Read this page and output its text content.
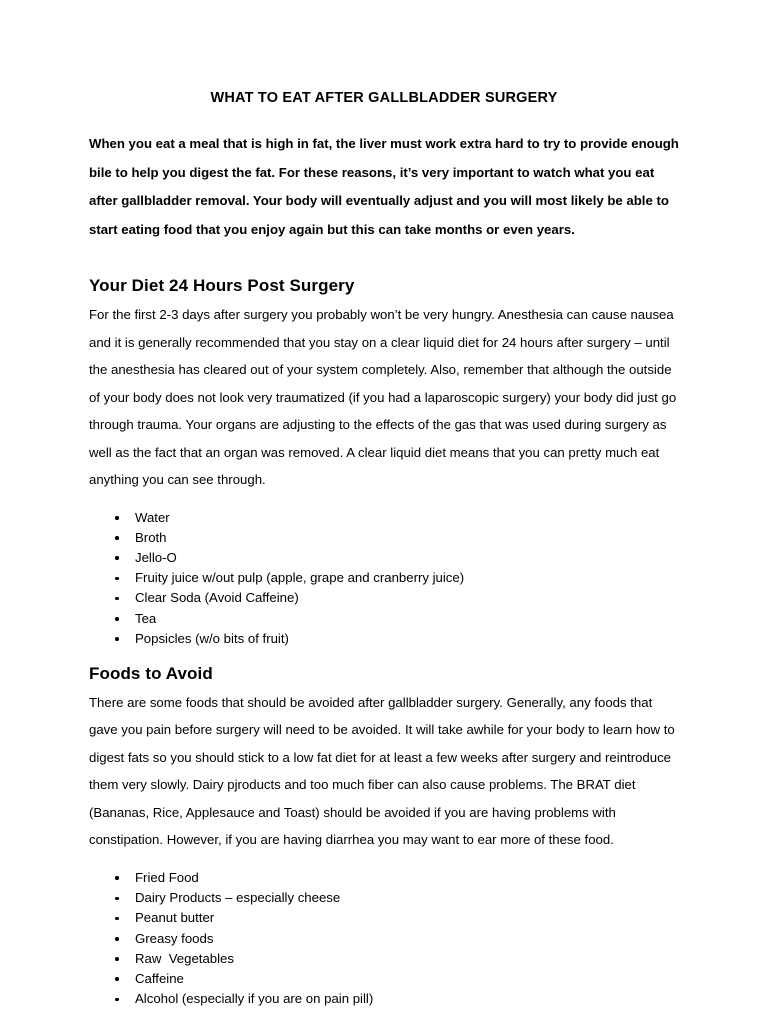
WHAT TO EAT AFTER GALLBLADDER SURGERY

When you eat a meal that is high in fat, the liver must work extra hard to try to provide enough bile to help you digest the fat. For these reasons, it’s very important to watch what you eat after gallbladder removal. Your body will eventually adjust and you will most likely be able to start eating food that you enjoy again but this can take months or even years.

Your Diet 24 Hours Post Surgery

For the first 2-3 days after surgery you probably won’t be very hungry. Anesthesia can cause nausea and it is generally recommended that you stay on a clear liquid diet for 24 hours after surgery – until the anesthesia has cleared out of your system completely. Also, remember that although the outside of your body does not look very traumatized (if you had a laparoscopic surgery) your body did just go through trauma. Your organs are adjusting to the effects of the gas that was used during surgery as well as the fact that an organ was removed. A clear liquid diet means that you can pretty much eat anything you can see through.

Water
Broth
Jello-O
Fruity juice w/out pulp (apple, grape and cranberry juice)
Clear Soda (Avoid Caffeine)
Tea
Popsicles (w/o bits of fruit)
Foods to Avoid

There are some foods that should be avoided after gallbladder surgery. Generally, any foods that gave you pain before surgery will need to be avoided. It will take awhile for your body to learn how to digest fats so you should stick to a low fat diet for at least a few weeks after surgery and reintroduce them very slowly. Dairy pjroducts and too much fiber can also cause problems. The BRAT diet (Bananas, Rice, Applesauce and Toast) should be avoided if you are having problems with constipation. However, if you are having diarrhea you may want to ear more of these food.

Fried Food
Dairy Products – especially cheese
Peanut butter
Greasy foods
Raw  Vegetables
Caffeine
Alcohol (especially if you are on pain pill)
